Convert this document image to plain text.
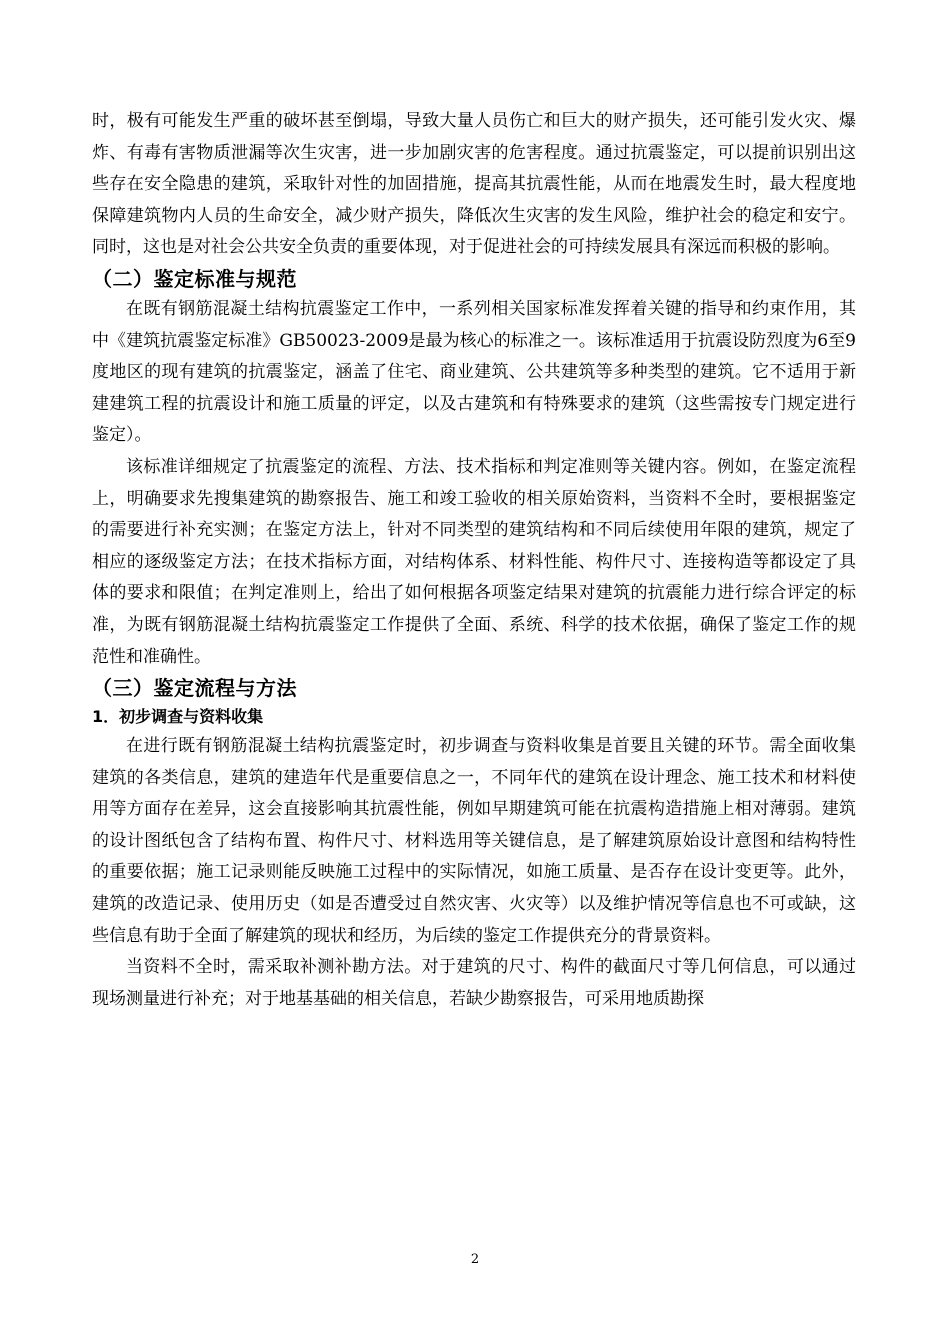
时，极有可能发生严重的破坏甚至倒塌，导致大量人员伤亡和巨大的财产损失，还可能引发火灾、爆炸、有毒有害物质泄漏等次生灾害，进一步加剧灾害的危害程度。通过抗震鉴定，可以提前识别出这些存在安全隐患的建筑，采取针对性的加固措施，提高其抗震性能，从而在地震发生时，最大程度地保障建筑物内人员的生命安全，减少财产损失，降低次生灾害的发生风险，维护社会的稳定和安宁。同时，这也是对社会公共安全负责的重要体现，对于促进社会的可持续发展具有深远而积极的影响。

（二）鉴定标准与规范

在既有钢筋混凝土结构抗震鉴定工作中，一系列相关国家标准发挥着关键的指导和约束作用，其中《建筑抗震鉴定标准》GB50023-2009是最为核心的标准之一。该标准适用于抗震设防烈度为6至9度地区的现有建筑的抗震鉴定，涵盖了住宅、商业建筑、公共建筑等多种类型的建筑。它不适用于新建建筑工程的抗震设计和施工质量的评定，以及古建筑和有特殊要求的建筑（这些需按专门规定进行鉴定）。

该标准详细规定了抗震鉴定的流程、方法、技术指标和判定准则等关键内容。例如，在鉴定流程上，明确要求先搜集建筑的勘察报告、施工和竣工验收的相关原始资料，当资料不全时，要根据鉴定的需要进行补充实测；在鉴定方法上，针对不同类型的建筑结构和不同后续使用年限的建筑，规定了相应的逐级鉴定方法；在技术指标方面，对结构体系、材料性能、构件尺寸、连接构造等都设定了具体的要求和限值；在判定准则上，给出了如何根据各项鉴定结果对建筑的抗震能力进行综合评定的标准，为既有钢筋混凝土结构抗震鉴定工作提供了全面、系统、科学的技术依据，确保了鉴定工作的规范性和准确性。

（三）鉴定流程与方法
1．初步调查与资料收集

在进行既有钢筋混凝土结构抗震鉴定时，初步调查与资料收集是首要且关键的环节。需全面收集建筑的各类信息，建筑的建造年代是重要信息之一，不同年代的建筑在设计理念、施工技术和材料使用等方面存在差异，这会直接影响其抗震性能，例如早期建筑可能在抗震构造措施上相对薄弱。建筑的设计图纸包含了结构布置、构件尺寸、材料选用等关键信息，是了解建筑原始设计意图和结构特性的重要依据；施工记录则能反映施工过程中的实际情况，如施工质量、是否存在设计变更等。此外，建筑的改造记录、使用历史（如是否遭受过自然灾害、火灾等）以及维护情况等信息也不可或缺，这些信息有助于全面了解建筑的现状和经历，为后续的鉴定工作提供充分的背景资料。

当资料不全时，需采取补测补勘方法。对于建筑的尺寸、构件的截面尺寸等几何信息，可以通过现场测量进行补充；对于地基基础的相关信息，若缺少勘察报告，可采用地质勘探

2
